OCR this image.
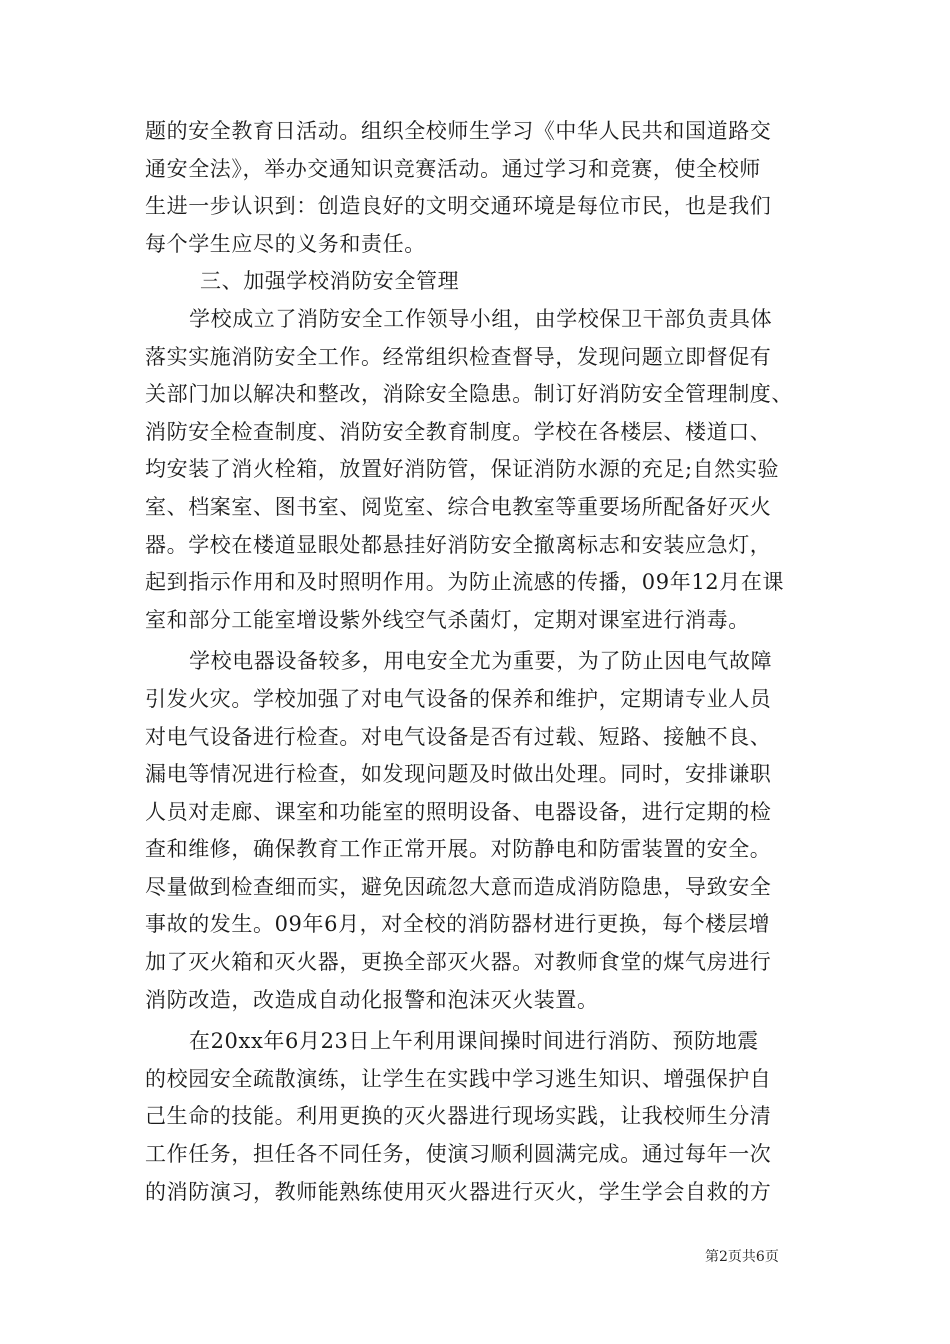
题的安全教育日活动。组织全校师生学习《中华人民共和国道路交
通安全法》，举办交通知识竞赛活动。通过学习和竞赛，使全校师
生进一步认识到：创造良好的文明交通环境是每位市民，也是我们
每个学生应尽的义务和责任。
三、加强学校消防安全管理
学校成立了消防安全工作领导小组，由学校保卫干部负责具体
落实实施消防安全工作。经常组织检查督导，发现问题立即督促有
关部门加以解决和整改，消除安全隐患。制订好消防安全管理制度、
消防安全检查制度、消防安全教育制度。学校在各楼层、楼道口、
均安装了消火栓箱，放置好消防管，保证消防水源的充足;自然实验
室、档案室、图书室、阅览室、综合电教室等重要场所配备好灭火
器。学校在楼道显眼处都悬挂好消防安全撤离标志和安装应急灯，
起到指示作用和及时照明作用。为防止流感的传播，09年12月在课
室和部分工能室增设紫外线空气杀菌灯，定期对课室进行消毒。
学校电器设备较多，用电安全尤为重要，为了防止因电气故障
引发火灾。学校加强了对电气设备的保养和维护，定期请专业人员
对电气设备进行检查。对电气设备是否有过载、短路、接触不良、
漏电等情况进行检查，如发现问题及时做出处理。同时，安排谦职
人员对走廊、课室和功能室的照明设备、电器设备，进行定期的检
查和维修，确保教育工作正常开展。对防静电和防雷装置的安全。
尽量做到检查细而实，避免因疏忽大意而造成消防隐患，导致安全
事故的发生。09年6月，对全校的消防器材进行更换，每个楼层增
加了灭火箱和灭火器，更换全部灭火器。对教师食堂的煤气房进行
消防改造，改造成自动化报警和泡沫灭火装置。
在20xx年6月23日上午利用课间操时间进行消防、预防地震
的校园安全疏散演练，让学生在实践中学习逃生知识、增强保护自
己生命的技能。利用更换的灭火器进行现场实践，让我校师生分清
工作任务，担任各不同任务，使演习顺利圆满完成。通过每年一次
的消防演习，教师能熟练使用灭火器进行灭火，学生学会自救的方
第2页共6页
